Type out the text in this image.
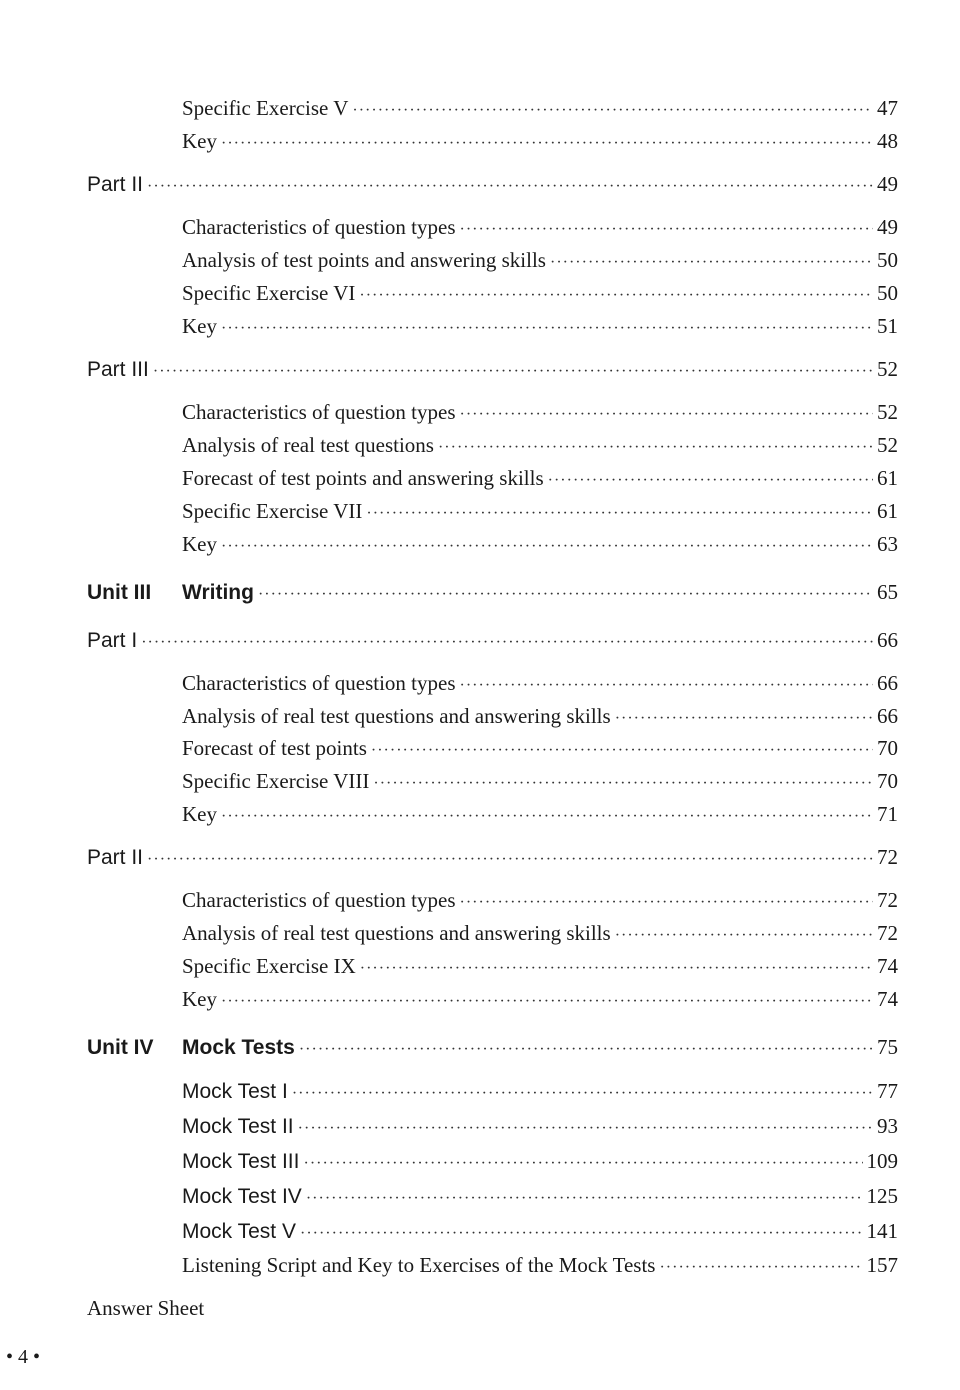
Specific Exercise V ·····	47
Key ·····	48
Part II ·····	49
Characteristics of question types ·····	49
Analysis of test points and answering skills ·····	50
Specific Exercise VI ·····	50
Key ·····	51
Part III ·····	52
Characteristics of question types ·····	52
Analysis of real test questions ·····	52
Forecast of test points and answering skills ·····	61
Specific Exercise VII ·····	61
Key ·····	63
Unit III	Writing ·····	65
Part I ·····	66
Characteristics of question types ·····	66
Analysis of real test questions and answering skills ·····	66
Forecast of test points ·····	70
Specific Exercise VIII ·····	70
Key ·····	71
Part II ·····	72
Characteristics of question types ·····	72
Analysis of real test questions and answering skills ·····	72
Specific Exercise IX ·····	74
Key ·····	74
Unit IV	Mock Tests ·····	75
Mock Test I ·····	77
Mock Test II ·····	93
Mock Test III ·····	109
Mock Test IV ·····	125
Mock Test V ·····	141
Listening Script and Key to Exercises of the Mock Tests ·····	157
Answer Sheet
• 4 •
